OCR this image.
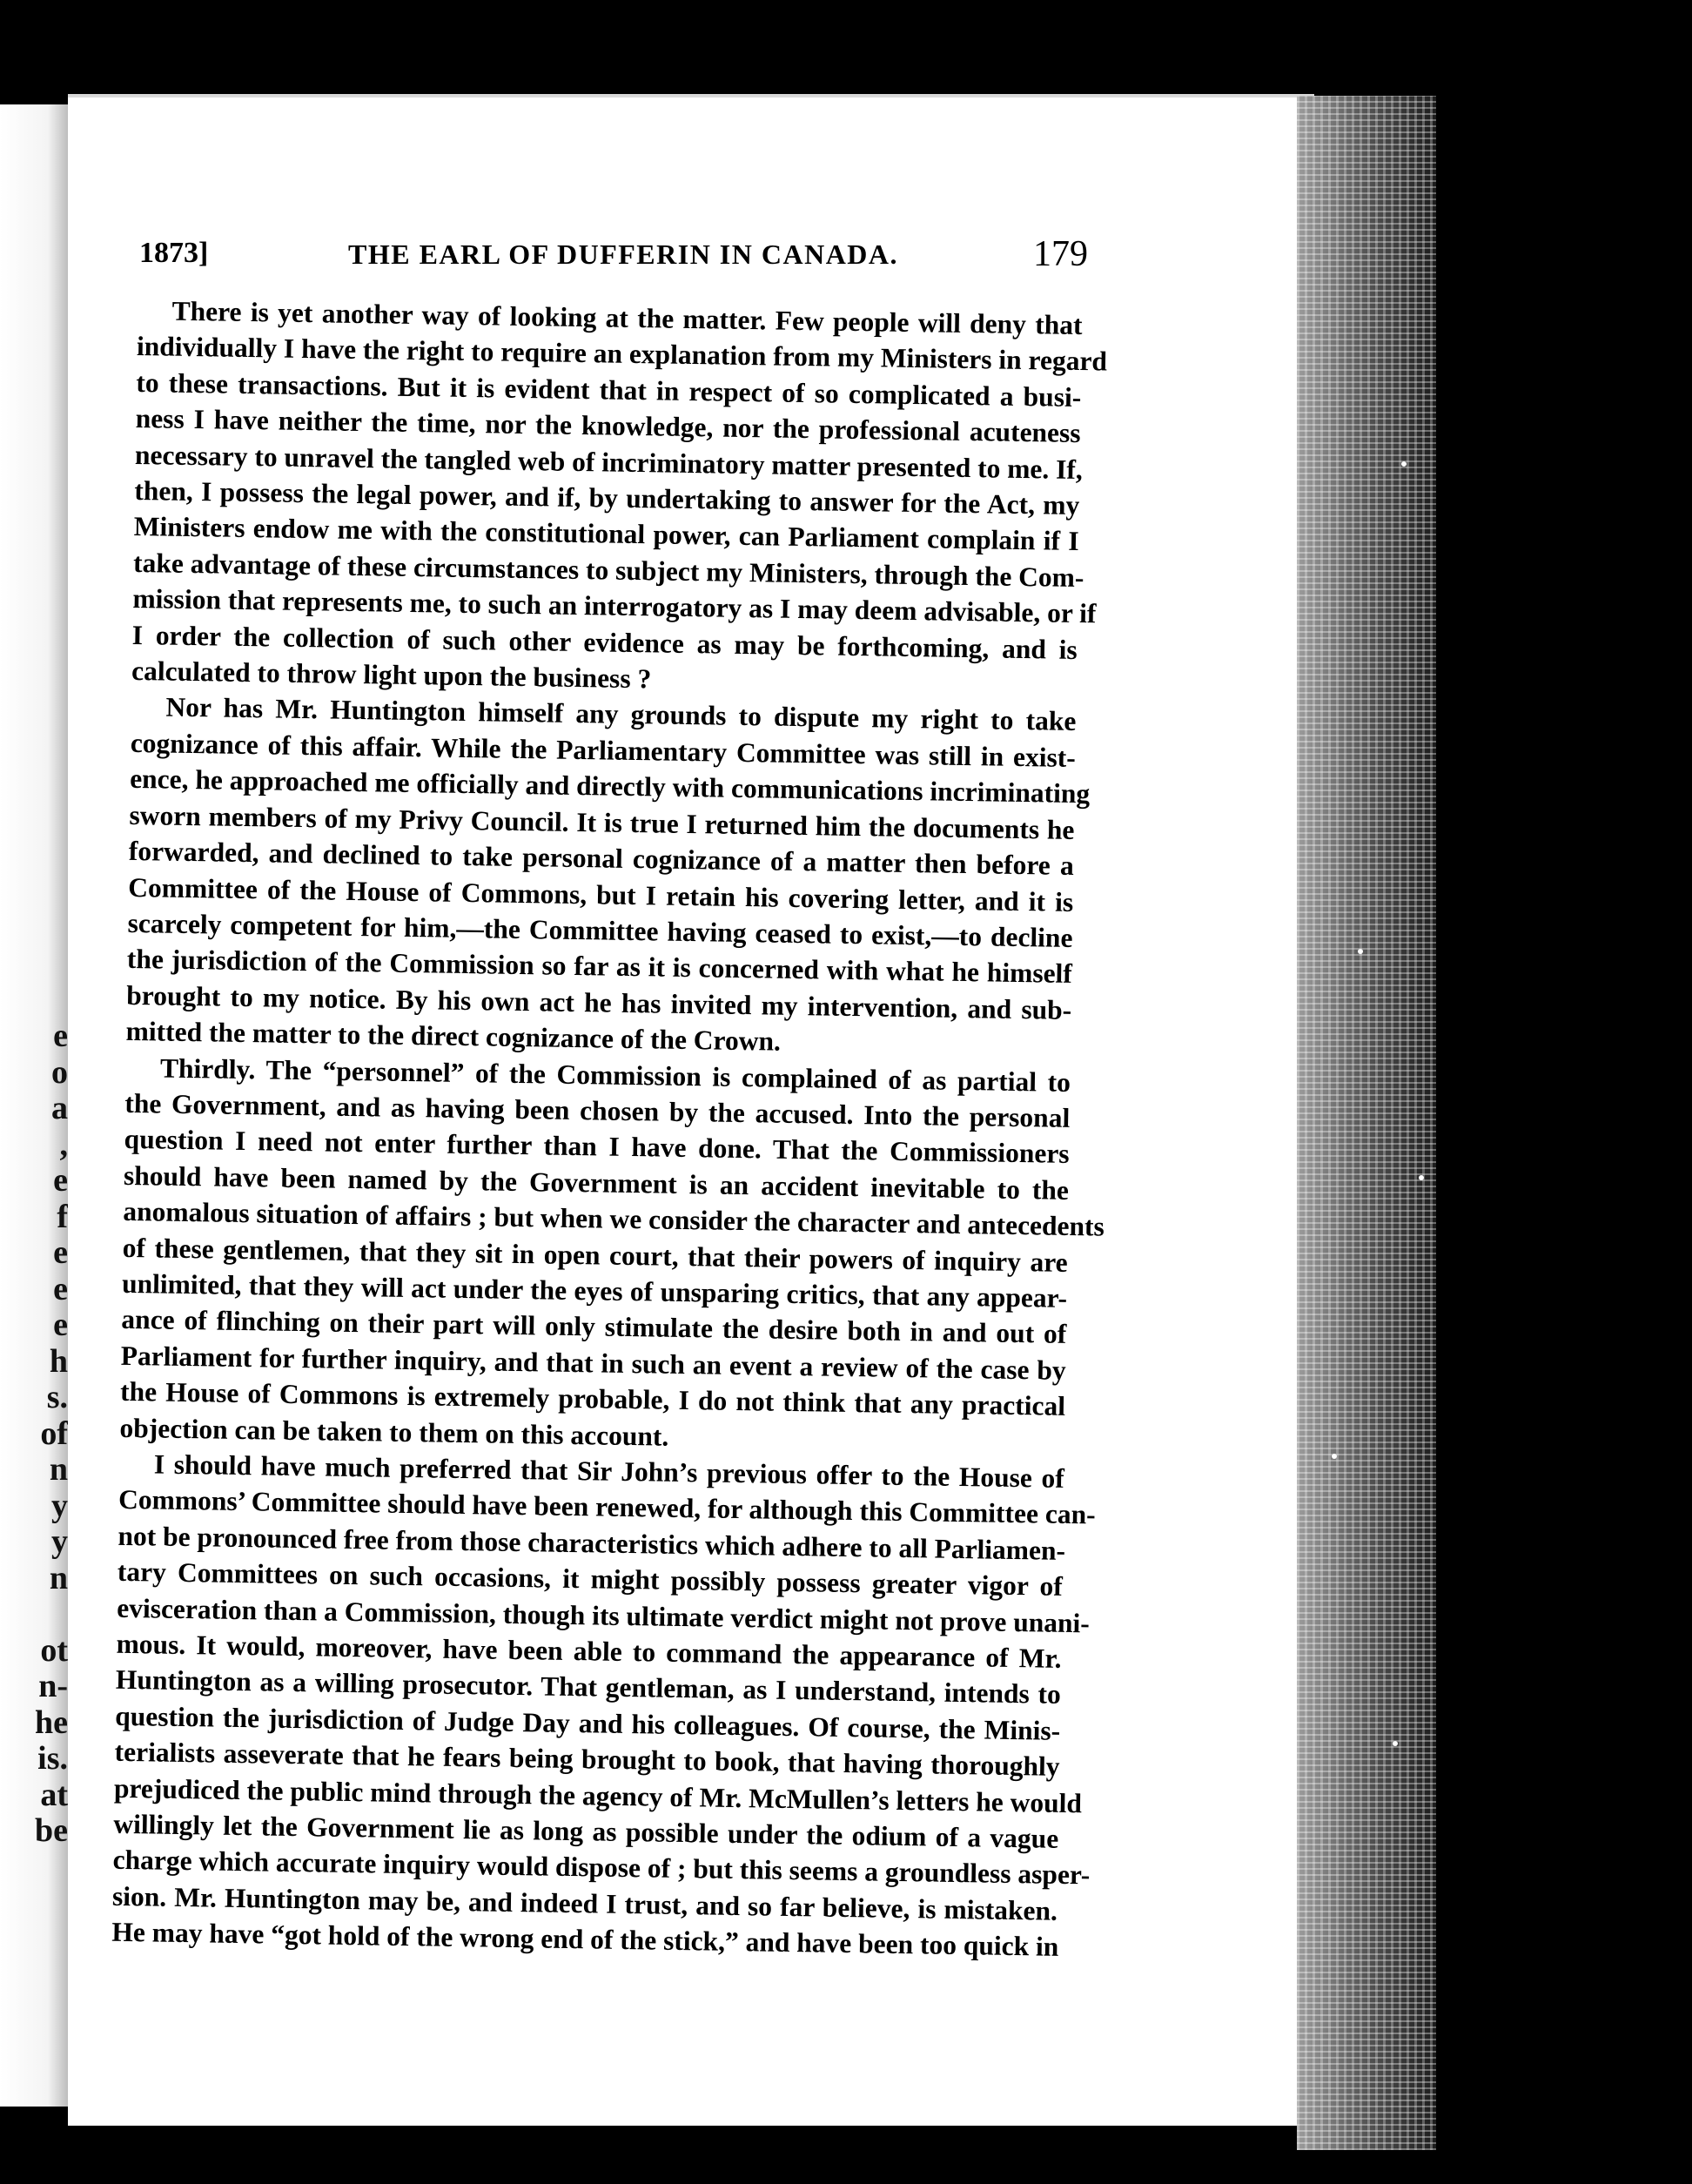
e
o
a
,
e
f
e
e
e
h
s.
of
n
y
y
n
ot
n-
he
is.
at
be
1873]	THE EARL OF DUFFERIN IN CANADA.	179
There is yet another way of looking at the matter. Few people will deny that
individually I have the right to require an explanation from my Ministers in regard
to these transactions. But it is evident that in respect of so complicated a busi-
ness I have neither the time, nor the knowledge, nor the professional acuteness
necessary to unravel the tangled web of incriminatory matter presented to me. If,
then, I possess the legal power, and if, by undertaking to answer for the Act, my
Ministers endow me with the constitutional power, can Parliament complain if I
take advantage of these circumstances to subject my Ministers, through the Com-
mission that represents me, to such an interrogatory as I may deem advisable, or if
I order the collection of such other evidence as may be forthcoming, and is
calculated to throw light upon the business ?
Nor has Mr. Huntington himself any grounds to dispute my right to take
cognizance of this affair. While the Parliamentary Committee was still in exist-
ence, he approached me officially and directly with communications incriminating
sworn members of my Privy Council. It is true I returned him the documents he
forwarded, and declined to take personal cognizance of a matter then before a
Committee of the House of Commons, but I retain his covering letter, and it is
scarcely competent for him,—the Committee having ceased to exist,—to decline
the jurisdiction of the Commission so far as it is concerned with what he himself
brought to my notice. By his own act he has invited my intervention, and sub-
mitted the matter to the direct cognizance of the Crown.
Thirdly. The “personnel” of the Commission is complained of as partial to
the Government, and as having been chosen by the accused. Into the personal
question I need not enter further than I have done. That the Commissioners
should have been named by the Government is an accident inevitable to the
anomalous situation of affairs ; but when we consider the character and antecedents
of these gentlemen, that they sit in open court, that their powers of inquiry are
unlimited, that they will act under the eyes of unsparing critics, that any appear-
ance of flinching on their part will only stimulate the desire both in and out of
Parliament for further inquiry, and that in such an event a review of the case by
the House of Commons is extremely probable, I do not think that any practical
objection can be taken to them on this account.
I should have much preferred that Sir John’s previous offer to the House of
Commons’ Committee should have been renewed, for although this Committee can-
not be pronounced free from those characteristics which adhere to all Parliamen-
tary Committees on such occasions, it might possibly possess greater vigor of
evisceration than a Commission, though its ultimate verdict might not prove unani-
mous. It would, moreover, have been able to command the appearance of Mr.
Huntington as a willing prosecutor. That gentleman, as I understand, intends to
question the jurisdiction of Judge Day and his colleagues. Of course, the Minis-
terialists asseverate that he fears being brought to book, that having thoroughly
prejudiced the public mind through the agency of Mr. McMullen’s letters he would
willingly let the Government lie as long as possible under the odium of a vague
charge which accurate inquiry would dispose of ; but this seems a groundless asper-
sion. Mr. Huntington may be, and indeed I trust, and so far believe, is mistaken.
He may have “got hold of the wrong end of the stick,” and have been too quick in
